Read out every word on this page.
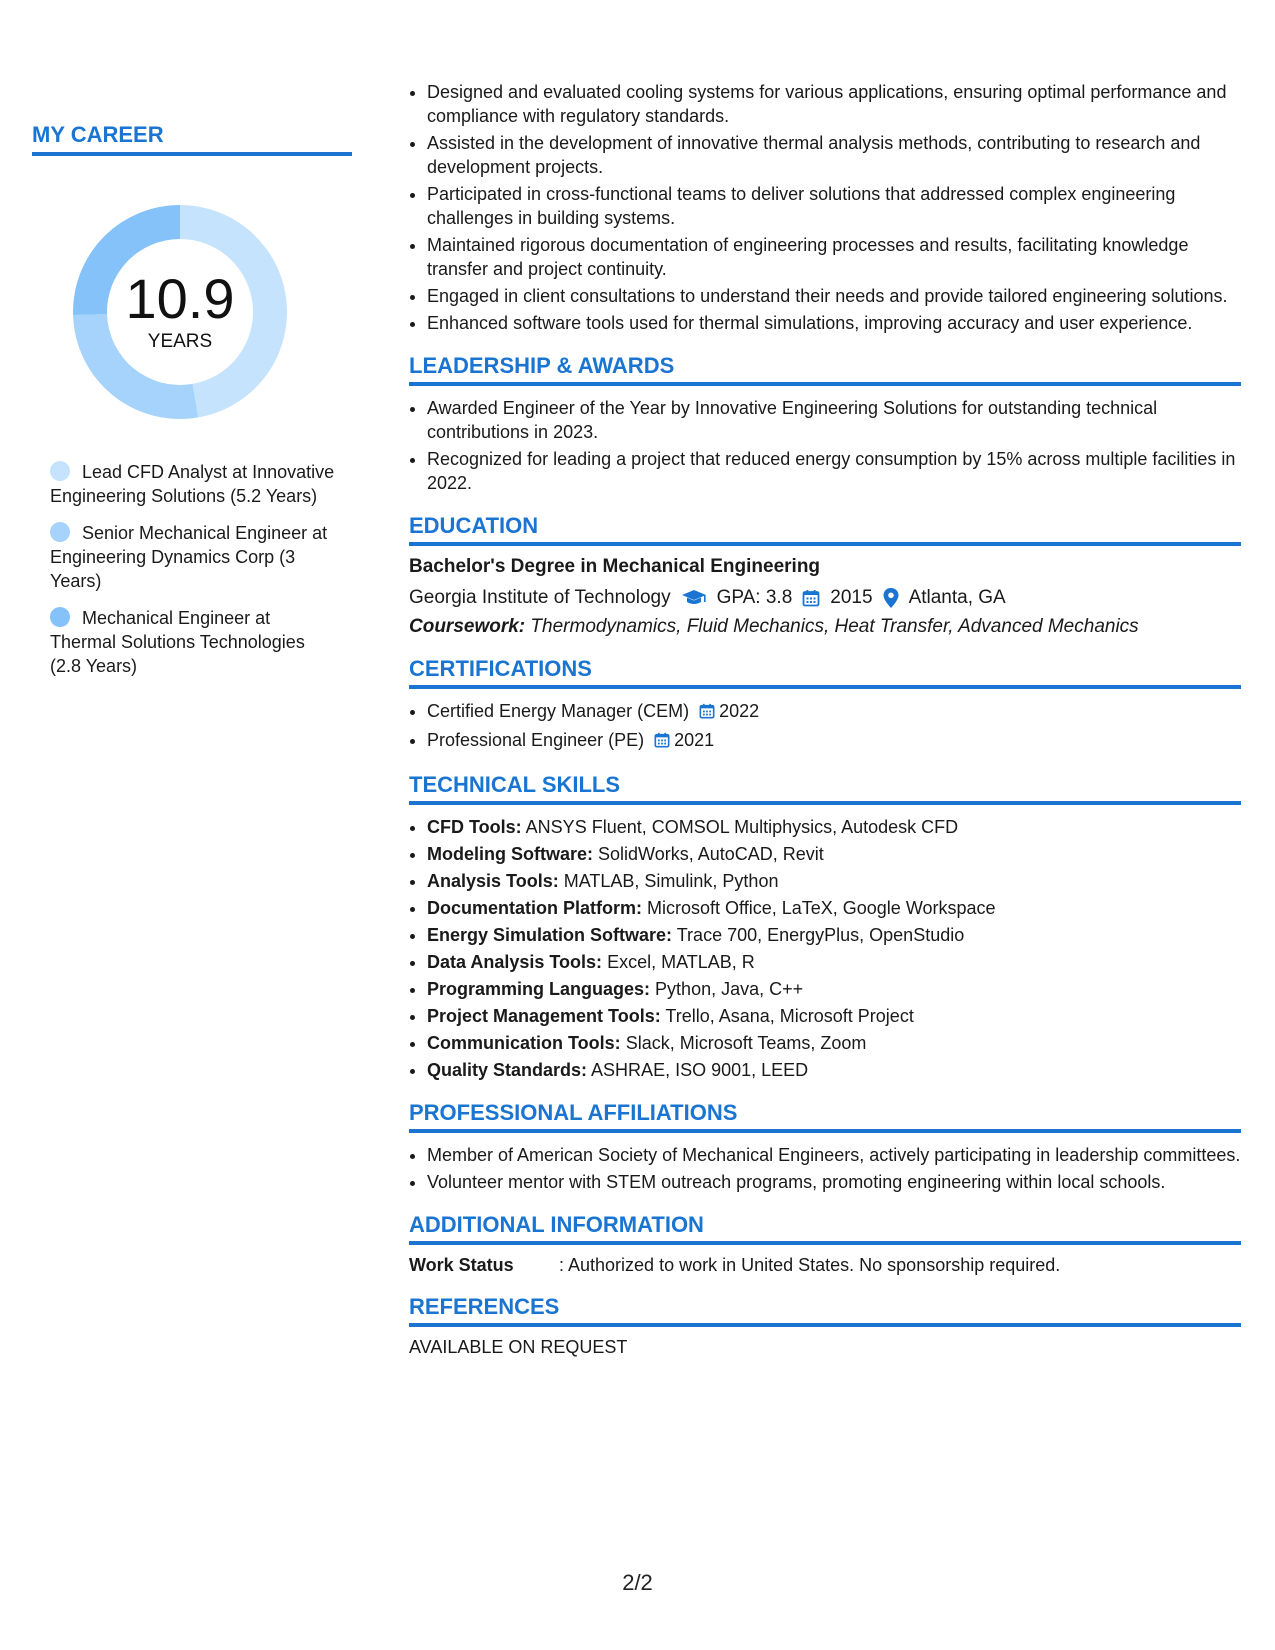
MY CAREER
10.9
YEARS
Lead CFD Analyst at Innovative Engineering Solutions (5.2 Years)
Senior Mechanical Engineer at Engineering Dynamics Corp (3 Years)
Mechanical Engineer at Thermal Solutions Technologies (2.8 Years)
• Designed and evaluated cooling systems for various applications, ensuring optimal performance and compliance with regulatory standards.
• Assisted in the development of innovative thermal analysis methods, contributing to research and development projects.
• Participated in cross-functional teams to deliver solutions that addressed complex engineering challenges in building systems.
• Maintained rigorous documentation of engineering processes and results, facilitating knowledge transfer and project continuity.
• Engaged in client consultations to understand their needs and provide tailored engineering solutions.
• Enhanced software tools used for thermal simulations, improving accuracy and user experience.
LEADERSHIP & AWARDS
• Awarded Engineer of the Year by Innovative Engineering Solutions for outstanding technical contributions in 2023.
• Recognized for leading a project that reduced energy consumption by 15% across multiple facilities in 2022.
EDUCATION
Bachelor's Degree in Mechanical Engineering
Georgia Institute of Technology GPA: 3.8 2015 Atlanta, GA
Coursework: Thermodynamics, Fluid Mechanics, Heat Transfer, Advanced Mechanics
CERTIFICATIONS
• Certified Energy Manager (CEM) 2022
• Professional Engineer (PE) 2021
TECHNICAL SKILLS
• CFD Tools: ANSYS Fluent, COMSOL Multiphysics, Autodesk CFD
• Modeling Software: SolidWorks, AutoCAD, Revit
• Analysis Tools: MATLAB, Simulink, Python
• Documentation Platform: Microsoft Office, LaTeX, Google Workspace
• Energy Simulation Software: Trace 700, EnergyPlus, OpenStudio
• Data Analysis Tools: Excel, MATLAB, R
• Programming Languages: Python, Java, C++
• Project Management Tools: Trello, Asana, Microsoft Project
• Communication Tools: Slack, Microsoft Teams, Zoom
• Quality Standards: ASHRAE, ISO 9001, LEED
PROFESSIONAL AFFILIATIONS
• Member of American Society of Mechanical Engineers, actively participating in leadership committees.
• Volunteer mentor with STEM outreach programs, promoting engineering within local schools.
ADDITIONAL INFORMATION
Work Status	: Authorized to work in United States. No sponsorship required.
REFERENCES
AVAILABLE ON REQUEST
2/2
